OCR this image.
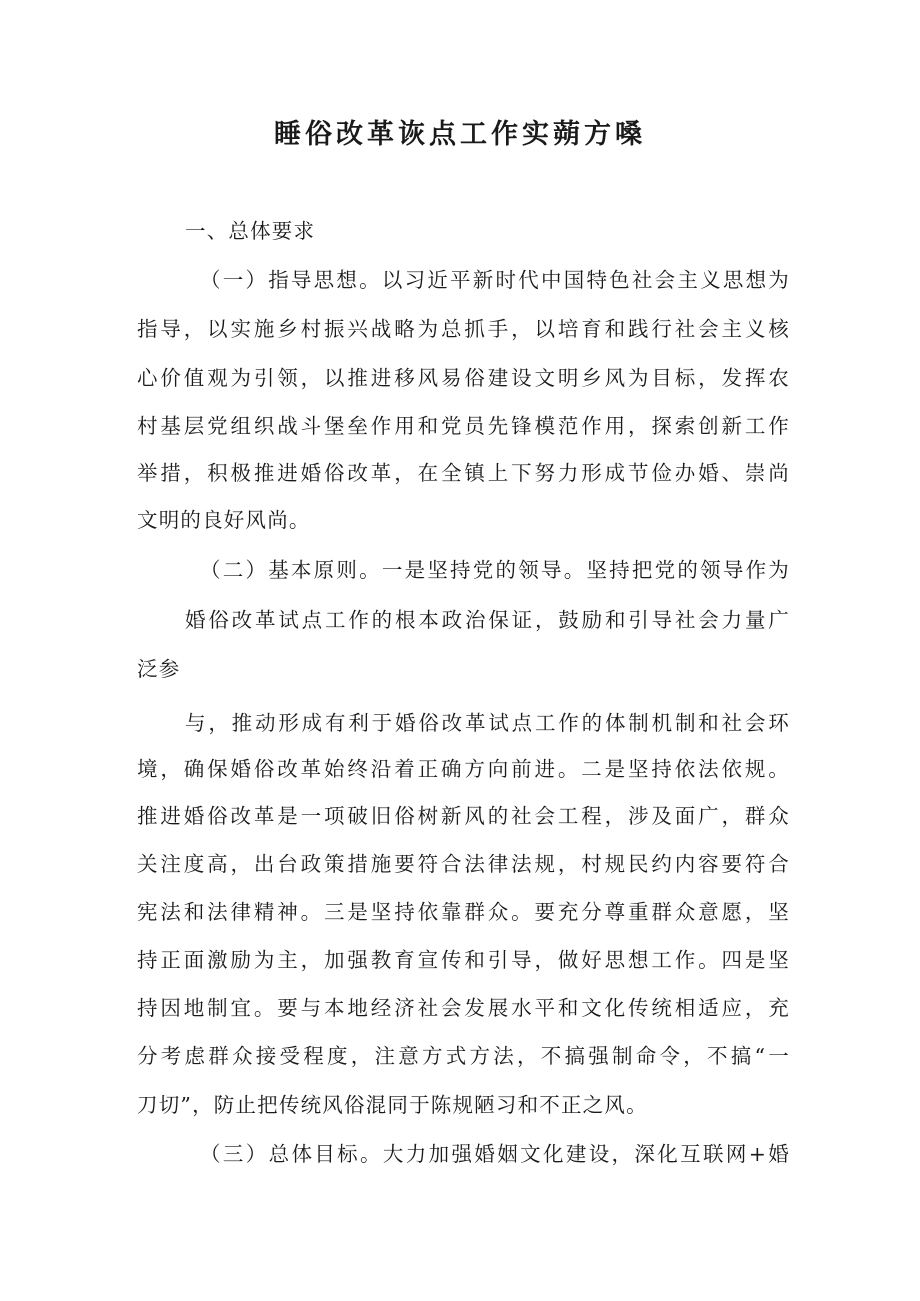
睡俗改革诙点工作实蒴方嗓
一、总体要求
（一）指导思想。以习近平新时代中国特色社会主义思想为
指导，以实施乡村振兴战略为总抓手，以培育和践行社会主义核
心价值观为引领，以推进移风易俗建设文明乡风为目标，发挥农
村基层党组织战斗堡垒作用和党员先锋模范作用，探索创新工作
举措，积极推进婚俗改革，在全镇上下努力形成节俭办婚、崇尚
文明的良好风尚。
（二）基本原则。一是坚持党的领导。坚持把党的领导作为
婚俗改革试点工作的根本政治保证，鼓励和引导社会力量广
泛参
与，推动形成有利于婚俗改革试点工作的体制机制和社会环
境，确保婚俗改革始终沿着正确方向前进。二是坚持依法依规。
推进婚俗改革是一项破旧俗树新风的社会工程，涉及面广，群众
关注度高，出台政策措施要符合法律法规，村规民约内容要符合
宪法和法律精神。三是坚持依靠群众。要充分尊重群众意愿，坚
持正面激励为主，加强教育宣传和引导，做好思想工作。四是坚
持因地制宜。要与本地经济社会发展水平和文化传统相适应，充
分考虑群众接受程度，注意方式方法，不搞强制命令，不搞“一
刀切”，防止把传统风俗混同于陈规陋习和不正之风。
（三）总体目标。大力加强婚姻文化建设，深化互联网+婚
